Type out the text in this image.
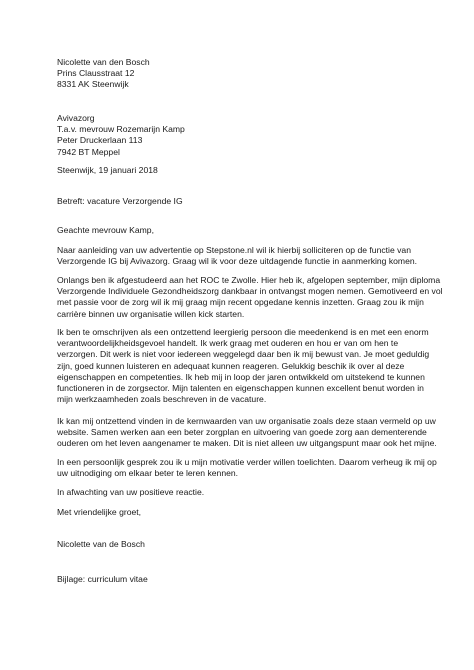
Nicolette van den Bosch
Prins Clausstraat 12
8331 AK Steenwijk
Avivazorg
T.a.v. mevrouw Rozemarijn Kamp
Peter Druckerlaan 113
7942 BT Meppel
Steenwijk, 19 januari 2018
Betreft: vacature Verzorgende IG
Geachte mevrouw Kamp,
Naar aanleiding van uw advertentie op Stepstone.nl wil ik hierbij solliciteren op de functie van
Verzorgende IG bij Avivazorg. Graag wil ik voor deze uitdagende functie in aanmerking komen.
Onlangs ben ik afgestudeerd aan het ROC te Zwolle. Hier heb ik, afgelopen september, mijn diploma
Verzorgende Individuele Gezondheidszorg dankbaar in ontvangst mogen nemen. Gemotiveerd en vol
met passie voor de zorg wil ik mij graag mijn recent opgedane kennis inzetten. Graag zou ik mijn
carrière binnen uw organisatie willen kick starten.
Ik ben te omschrijven als een ontzettend leergierig persoon die meedenkend is en met een enorm
verantwoordelijkheidsgevoel handelt. Ik werk graag met ouderen en hou er van om hen te
verzorgen. Dit werk is niet voor iedereen weggelegd daar ben ik mij bewust van. Je moet geduldig
zijn, goed kunnen luisteren en adequaat kunnen reageren. Gelukkig beschik ik over al deze
eigenschappen en competenties. Ik heb mij in loop der jaren ontwikkeld om uitstekend te kunnen
functioneren in de zorgsector. Mijn talenten en eigenschappen kunnen excellent benut worden in
mijn werkzaamheden zoals beschreven in de vacature.
Ik kan mij ontzettend vinden in de kernwaarden van uw organisatie zoals deze staan vermeld op uw
website. Samen werken aan een beter zorgplan en uitvoering van goede zorg aan dementerende
ouderen om het leven aangenamer te maken. Dit is niet alleen uw uitgangspunt maar ook het mijne.
In een persoonlijk gesprek zou ik u mijn motivatie verder willen toelichten. Daarom verheug ik mij op
uw uitnodiging om elkaar beter te leren kennen.
In afwachting van uw positieve reactie.
Met vriendelijke groet,
Nicolette van de Bosch
Bijlage: curriculum vitae
